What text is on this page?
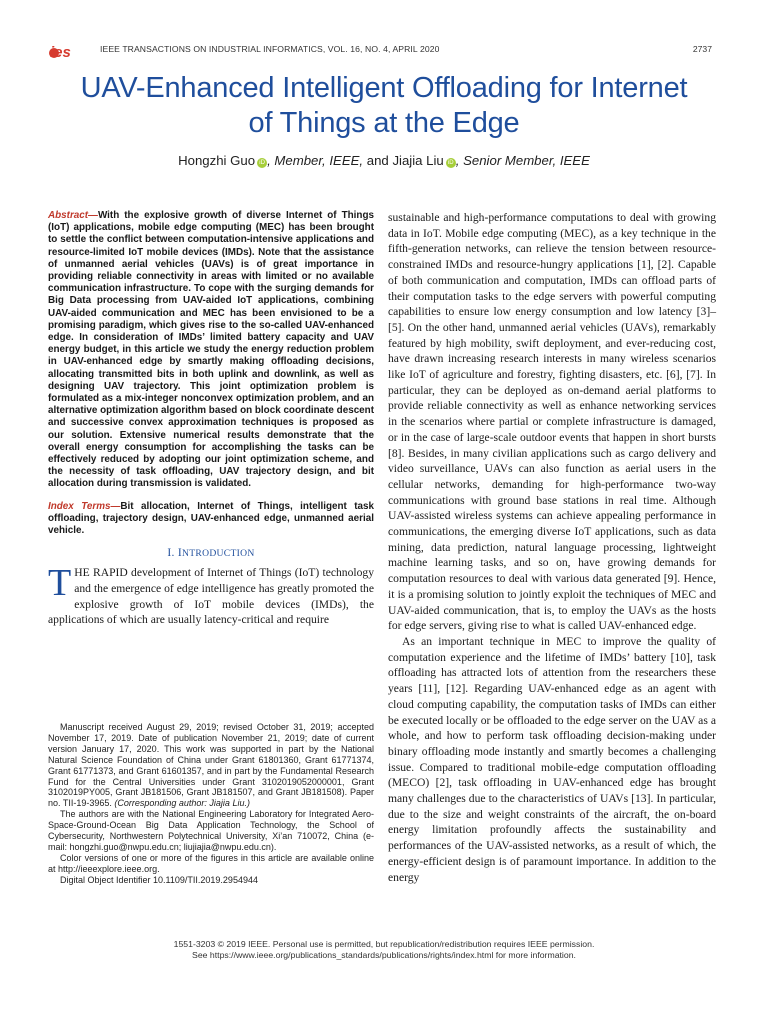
ies	IEEE TRANSACTIONS ON INDUSTRIAL INFORMATICS, VOL. 16, NO. 4, APRIL 2020	2737
UAV-Enhanced Intelligent Offloading for Internet
of Things at the Edge
Hongzhi Guo iD , Member, IEEE, and Jiajia Liu iD , Senior Member, IEEE
Abstract—With the explosive growth of diverse Internet of Things (IoT) applications, mobile edge computing (MEC) has been brought to settle the conflict between computation-intensive applications and resource-limited IoT mobile devices (IMDs). Note that the assistance of unmanned aerial vehicles (UAVs) is of great importance in providing reliable connectivity in areas with limited or no available communication infrastructure. To cope with the surging demands for Big Data processing from UAV-aided IoT applications, combining UAV-aided communication and MEC has been envisioned to be a promising paradigm, which gives rise to the so-called UAV-enhanced edge. In consideration of IMDs’ limited battery capacity and UAV energy budget, in this article we study the energy reduction problem in UAV-enhanced edge by smartly making offloading decisions, allocating transmitted bits in both uplink and downlink, as well as designing UAV trajectory. This joint optimization problem is formulated as a mix-integer nonconvex optimization problem, and an alternative optimization algorithm based on block coordinate descent and successive convex approximation techniques is proposed as our solution. Extensive numerical results demonstrate that the overall energy consumption for accomplishing the tasks can be effectively reduced by adopting our joint optimization scheme, and the necessity of task offloading, UAV trajectory design, and bit allocation during transmission is validated.
Index Terms—Bit allocation, Internet of Things, intelligent task offloading, trajectory design, UAV-enhanced edge, unmanned aerial vehicle.
I. INTRODUCTION
THE RAPID development of Internet of Things (IoT) technology and the emergence of edge intelligence has greatly promoted the explosive growth of IoT mobile devices (IMDs), the applications of which are usually latency-critical and require

Manuscript received August 29, 2019; revised October 31, 2019; accepted November 17, 2019. Date of publication November 21, 2019; date of current version January 17, 2020. This work was supported in part by the National Natural Science Foundation of China under Grant 61801360, Grant 61771374, Grant 61771373, and Grant 61601357, and in part by the Fundamental Research Fund for the Central Universities under Grant 3102019052000001, Grant 3102019PY005, Grant JB181506, Grant JB181507, and Grant JB181508). Paper no. TII-19-3965. (Corresponding author: Jiajia Liu.)

The authors are with the National Engineering Laboratory for Integrated Aero-Space-Ground-Ocean Big Data Application Technology, the School of Cybersecurity, Northwestern Polytechnical University, Xi’an 710072, China (e-mail: hongzhi.guo@nwpu.edu.cn; liujiajia@nwpu.edu.cn).

Color versions of one or more of the figures in this article are available online at http://ieeexplore.ieee.org.

Digital Object Identifier 10.1109/TII.2019.2954944

sustainable and high-performance computations to deal with growing data in IoT. Mobile edge computing (MEC), as a key technique in the fifth-generation networks, can relieve the tension between resource-constrained IMDs and resource-hungry applications [1], [2]. Capable of both communication and computation, IMDs can offload parts of their computation tasks to the edge servers with powerful computing capabilities to ensure low energy consumption and low latency [3]–[5]. On the other hand, unmanned aerial vehicles (UAVs), remarkably featured by high mobility, swift deployment, and ever-reducing cost, have drawn increasing research interests in many wireless scenarios like IoT of agriculture and forestry, fighting disasters, etc. [6], [7]. In particular, they can be deployed as on-demand aerial platforms to provide reliable connectivity as well as enhance networking services in the scenarios where partial or complete infrastructure is damaged, or in the case of large-scale outdoor events that happen in short bursts [8]. Besides, in many civilian applications such as cargo delivery and video surveillance, UAVs can also function as aerial users in the cellular networks, demanding for high-performance two-way communications with ground base stations in real time. Although UAV-assisted wireless systems can achieve appealing performance in communications, the emerging diverse IoT applications, such as data mining, data prediction, natural language processing, lightweight machine learning tasks, and so on, have growing demands for computation resources to deal with various data generated [9]. Hence, it is a promising solution to jointly exploit the techniques of MEC and UAV-aided communication, that is, to employ the UAVs as the hosts for edge servers, giving rise to what is called UAV-enhanced edge.

As an important technique in MEC to improve the quality of computation experience and the lifetime of IMDs’ battery [10], task offloading has attracted lots of attention from the researchers these years [11], [12]. Regarding UAV-enhanced edge as an agent with cloud computing capability, the computation tasks of IMDs can either be executed locally or be offloaded to the edge server on the UAV as a whole, and how to perform task offloading decision-making under binary offloading mode instantly and smartly becomes a challenging issue. Compared to traditional mobile-edge computation offloading (MECO) [2], task offloading in UAV-enhanced edge has brought many challenges due to the characteristics of UAVs [13]. In particular, due to the size and weight constraints of the aircraft, the on-board energy limitation profoundly affects the sustainability and performances of the UAV-assisted networks, as a result of which, the energy-efficient design is of paramount importance. In addition to the energy

1551-3203 © 2019 IEEE. Personal use is permitted, but republication/redistribution requires IEEE permission.
See https://www.ieee.org/publications_standards/publications/rights/index.html for more information.
